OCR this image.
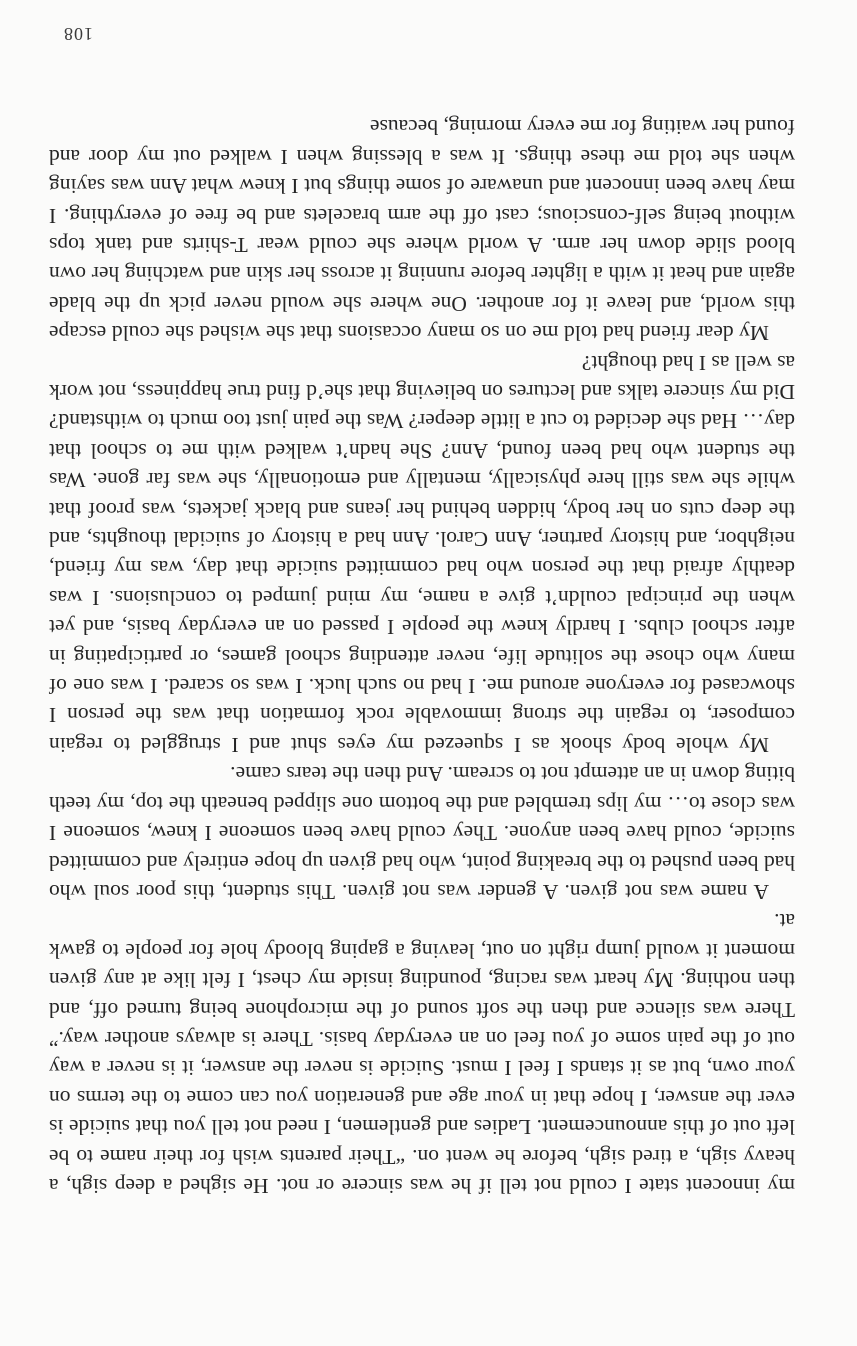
my innocent state I could not tell if he was sincere or not. He sighed a deep sigh, a heavy sigh, a tired sigh, before he went on. “Their parents wish for their name to be left out of this announcement. Ladies and gentlemen, I need not tell you that suicide is ever the answer, I hope that in your age and generation you can come to the terms on your own, but as it stands I feel I must. Suicide is never the answer, it is never a way out of the pain some of you feel on an everyday basis. There is always another way.” There was silence and then the soft sound of the microphone being turned off, and then nothing. My heart was racing, pounding inside my chest, I felt like at any given moment it would jump right on out, leaving a gaping bloody hole for people to gawk at.

A name was not given. A gender was not given. This student, this poor soul who had been pushed to the breaking point, who had given up hope entirely and committed suicide, could have been anyone. They could have been someone I knew, someone I was close to… my lips trembled and the bottom one slipped beneath the top, my teeth biting down in an attempt not to scream. And then the tears came.

My whole body shook as I squeezed my eyes shut and I struggled to regain composer, to regain the strong immovable rock formation that was the person I showcased for everyone around me. I had no such luck. I was so scared. I was one of many who chose the solitude life, never attending school games, or participating in after school clubs. I hardly knew the people I passed on an everyday basis, and yet when the principal couldn’t give a name, my mind jumped to conclusions. I was deathly afraid that the person who had committed suicide that day, was my friend, neighbor, and history partner, Ann Carol. Ann had a history of suicidal thoughts, and the deep cuts on her body, hidden behind her jeans and black jackets, was proof that while she was still here physically, mentally and emotionally, she was far gone. Was the student who had been found, Ann? She hadn’t walked with me to school that day… Had she decided to cut a little deeper? Was the pain just too much to withstand? Did my sincere talks and lectures on believing that she’d find true happiness, not work as well as I had thought?

My dear friend had told me on so many occasions that she wished she could escape this world, and leave it for another. One where she would never pick up the blade again and heat it with a lighter before running it across her skin and watching her own blood slide down her arm. A world where she could wear T-shirts and tank tops without being self-conscious; cast off the arm bracelets and be free of everything. I may have been innocent and unaware of some things but I knew what Ann was saying when she told me these things. It was a blessing when I walked out my door and found her waiting for me every morning, because

108
